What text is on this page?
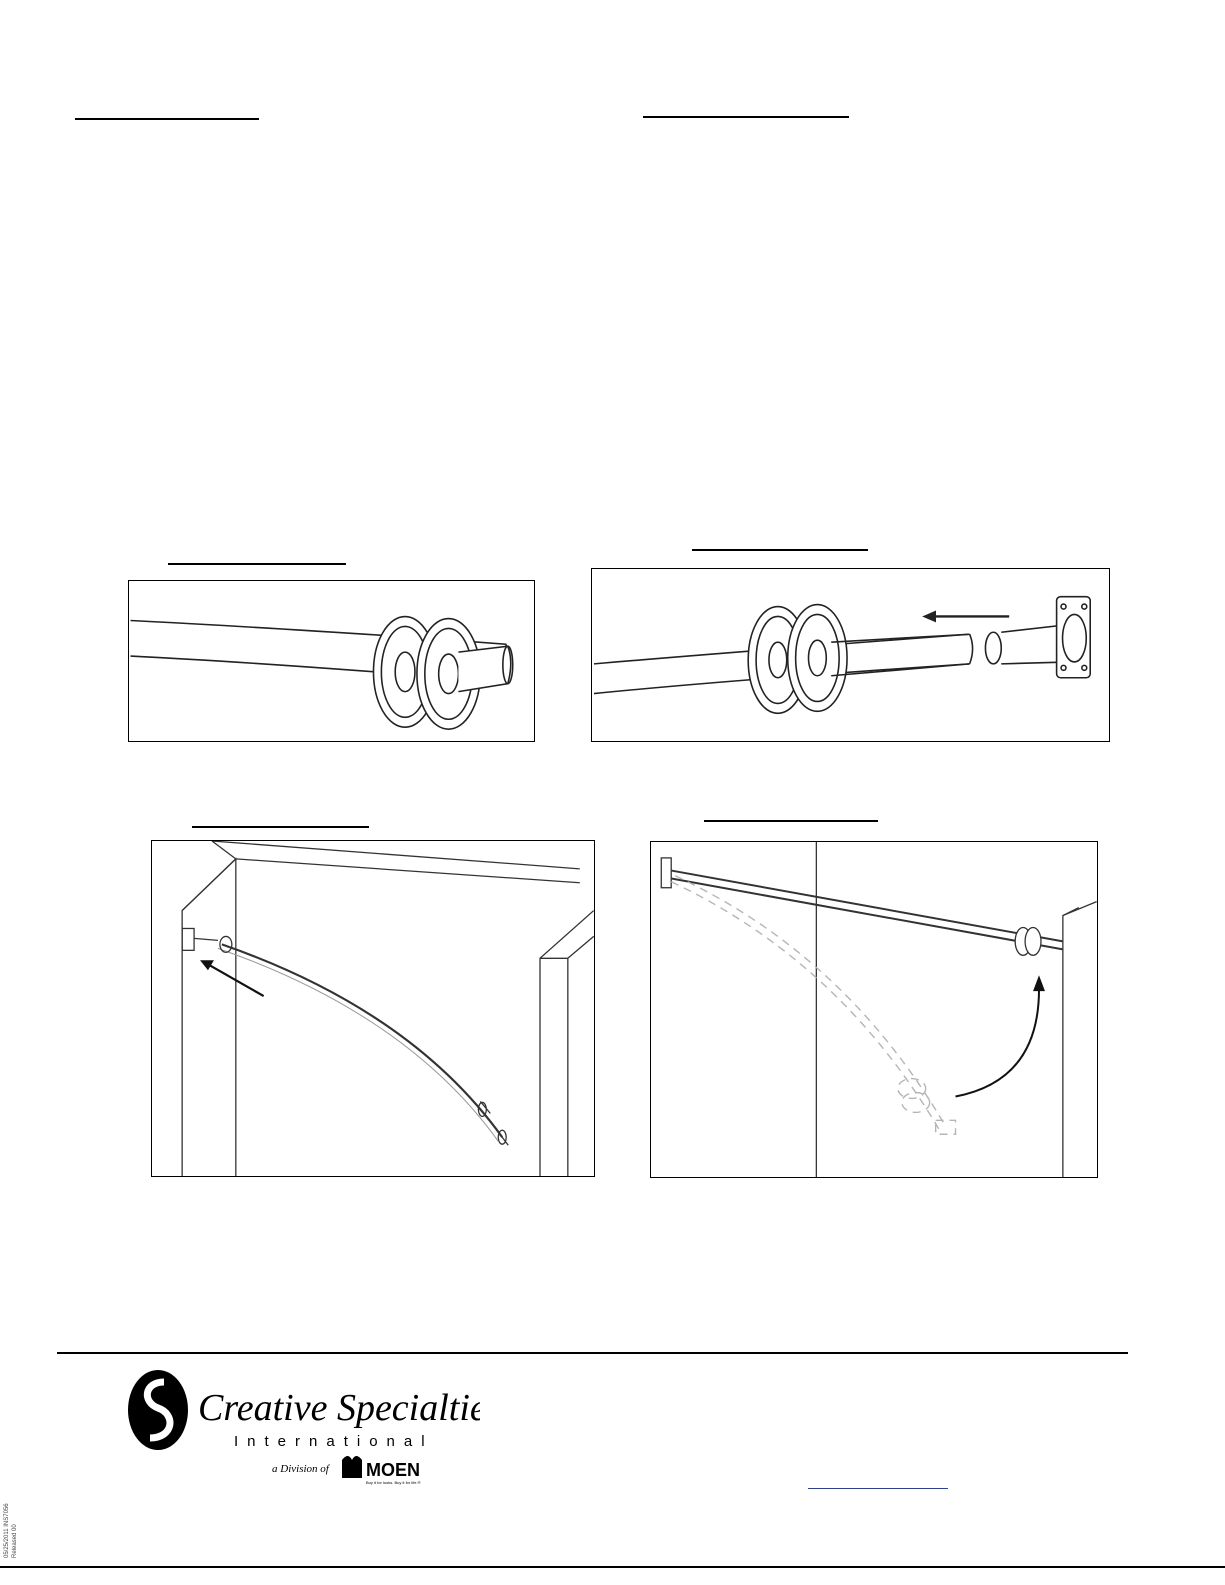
Creative Specialties
International
a Division of MOEN
Buy it for looks. Buy it for life.®
05/25/2011 INS7056 Released 00
